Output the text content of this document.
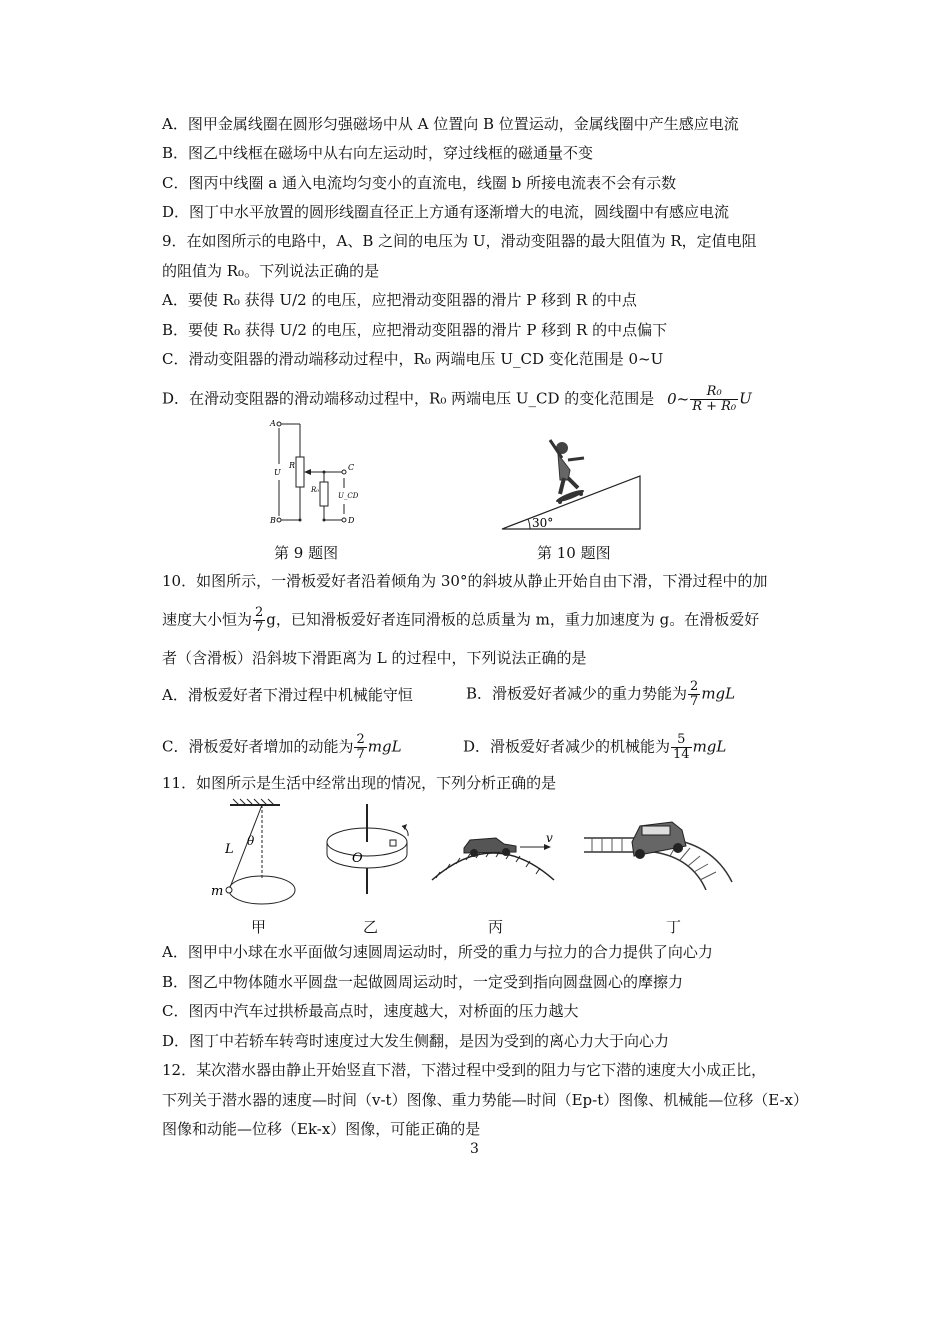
A．图甲金属线圈在圆形匀强磁场中从 A 位置向 B 位置运动，金属线圈中产生感应电流
B．图乙中线框在磁场中从右向左运动时，穿过线框的磁通量不变
C．图丙中线圈 a 通入电流均匀变小的直流电，线圈 b 所接电流表不会有示数
D．图丁中水平放置的圆形线圈直径正上方通有逐渐增大的电流，圆线圈中有感应电流
9．在如图所示的电路中，A、B 之间的电压为 U，滑动变阻器的最大阻值为 R，定值电阻
的阻值为 R₀。下列说法正确的是
A．要使 R₀ 获得 U/2 的电压，应把滑动变阻器的滑片 P 移到 R 的中点
B．要使 R₀ 获得 U/2 的电压，应把滑动变阻器的滑片 P 移到 R 的中点偏下
C．滑动变阻器的滑动端移动过程中，R₀ 两端电压 U_CD 变化范围是 0~U
D．在滑动变阻器的滑动端移动过程中，R₀ 两端电压 U_CD 的变化范围是 0~ $\frac{\text{R₀}}{\text{R + R₀}}$ U
A
B
U
R
R₀
C
D
U_CD
第 9 题图
30°
第 10 题图
10．如图所示，一滑板爱好者沿着倾角为 30°的斜坡从静止开始自由下滑，下滑过程中的加
速度大小恒为 $\frac{2}{7}$ g，已知滑板爱好者连同滑板的总质量为 m，重力加速度为 g。在滑板爱好
者（含滑板）沿斜坡下滑距离为 L 的过程中，下列说法正确的是
A．滑板爱好者下滑过程中机械能守恒	B．滑板爱好者减少的重力势能为 $\frac{2}{7}$ mgL
C．滑板爱好者增加的动能为 $\frac{2}{7}$ mgL	D．滑板爱好者减少的机械能为 $\frac{5}{14}$ mgL
11．如图所示是生活中经常出现的情况，下列分析正确的是
L
θ
m
甲
O
乙
v
丙	丁
A．图甲中小球在水平面做匀速圆周运动时，所受的重力与拉力的合力提供了向心力
B．图乙中物体随水平圆盘一起做圆周运动时，一定受到指向圆盘圆心的摩擦力
C．图丙中汽车过拱桥最高点时，速度越大，对桥面的压力越大
D．图丁中若轿车转弯时速度过大发生侧翻，是因为受到的离心力大于向心力
12．某次潜水器由静止开始竖直下潜，下潜过程中受到的阻力与它下潜的速度大小成正比，
下列关于潜水器的速度—时间（v-t）图像、重力势能—时间（Ep-t）图像、机械能—位移（E-x）
图像和动能—位移（Ek-x）图像，可能正确的是
3
